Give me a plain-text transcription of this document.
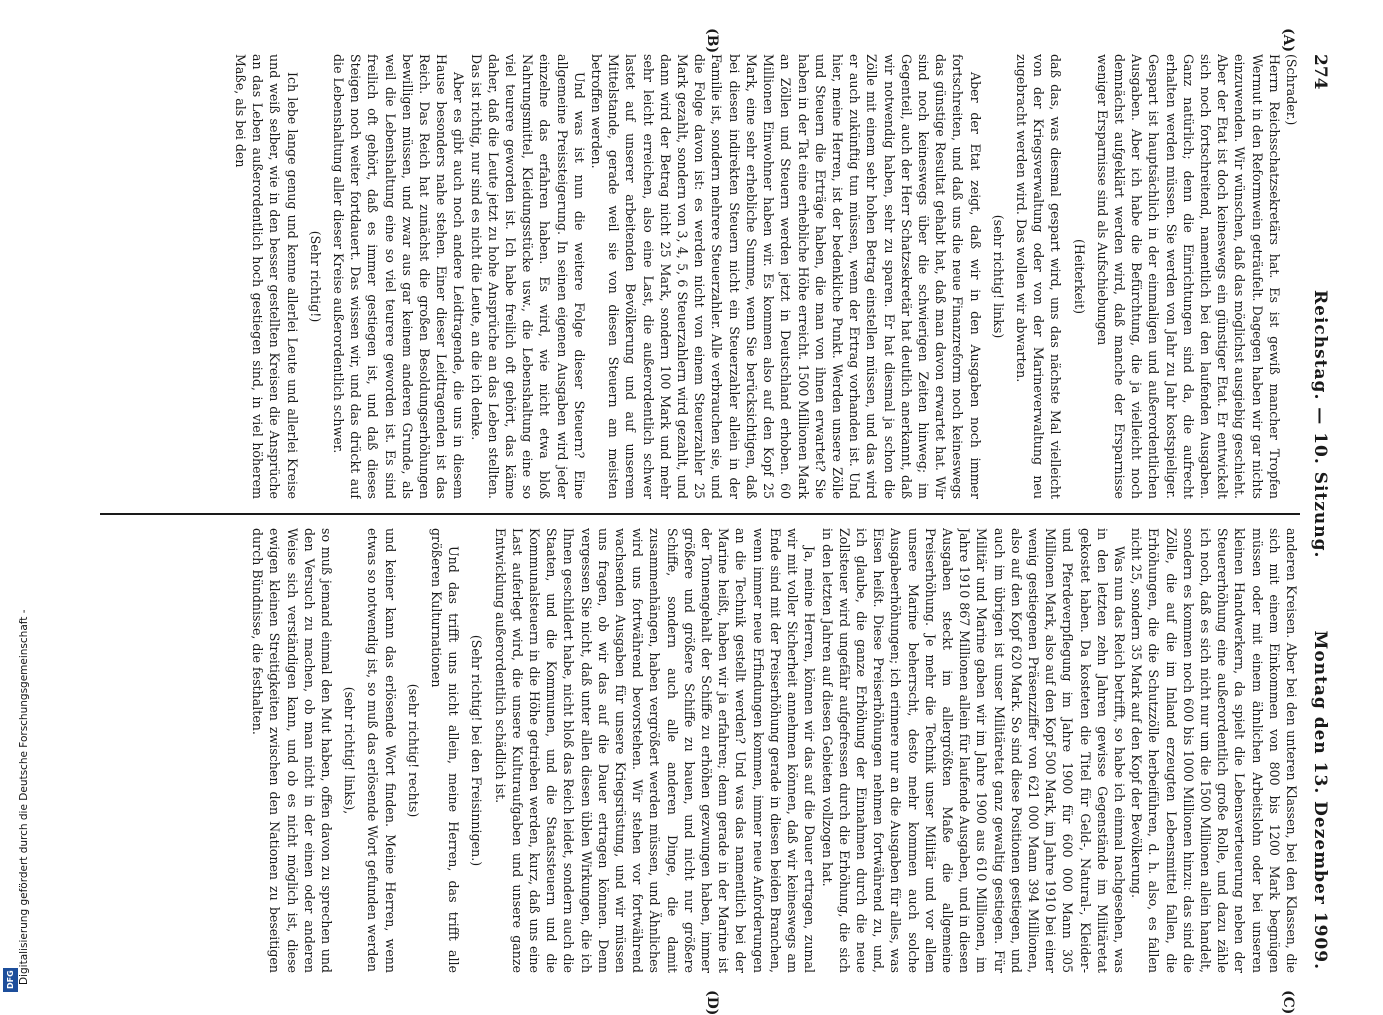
Digitalisierung gefördert durch die Deutsche Forschungsgemeinschaft -
DFG
274
Reichstag. — 10. Sitzung.
Montag den 13. Dezember 1909.
(A)
(B)
(C)
(D)

(Schrader.)

Herrn Reichsschatzsekretärs hat. Es ist gewiß mancher Tropfen Wermut in den Reformwein geträufelt. Dagegen haben wir gar nichts einzuwenden. Wir wünschen, daß das möglichst ausgiebig geschieht. Aber der Etat ist doch keineswegs ein günstiger Etat. Er entwickelt sich noch fortschreitend, namentlich bei den laufenden Ausgaben. Ganz natürlich; denn die Einrichtungen sind da, die aufrecht erhalten werden müssen. Sie werden von Jahr zu Jahr kostspieliger. Gespart ist hauptsächlich in der einmaligen und außerordentlichen Ausgaben. Aber ich habe die Befürchtung, die ja vielleicht noch demnächst aufgeklärt werden wird, daß manche der Ersparnisse weniger Ersparnisse sind als Aufschiebungen

(Heiterkeit)

daß das, was diesmal gespart wird, uns das nächste Mal vielleicht von der Kriegsverwaltung oder von der Marineverwaltung neu zugebracht werden wird. Das wollen wir abwarten.

(sehr richtig! links)

Aber der Etat zeigt, daß wir in den Ausgaben noch immer fortschreiten, und daß uns die neue Finanzreform noch keineswegs das günstige Resultat gehabt hat, daß man davon erwartet hat. Wir sind noch keineswegs über die schwierigen Zeiten hinweg; im Gegenteil, auch der Herr Schatzsekretär hat deutlich anerkannt, daß wir notwendig haben, sehr zu sparen. Er hat diesmal ja schon die Zölle mit einem sehr hohen Betrag einstellen müssen, und das wird er auch zukünftig tun müssen, wenn der Ertrag vorhanden ist. Und hier, meine Herren, ist der bedenkliche Punkt. Werden unsere Zölle und Steuern die Erträge haben, die man von ihnen erwartet? Sie haben in der Tat eine erhebliche Höhe erreicht. 1500 Millionen Mark an Zöllen und Steuern werden jetzt in Deutschland erhoben. 60 Millionen Einwohner haben wir. Es kommen also auf den Kopf 25 Mark, eine sehr erhebliche Summe, wenn Sie berücksichtigen, daß bei diesen indirekten Steuern nicht ein Steuerzahler allein in der Familie ist, sondern mehrere Steuerzahler. Alle verbrauchen sie, und die Folge davon ist: es werden nicht von einem Steuerzahler 25 Mark gezahlt, sondern von 3, 4, 5, 6 Steuerzahlern wird gezahlt, und dann wird der Betrag nicht 25 Mark, sondern 100 Mark und mehr sehr leicht erreichen, also eine Last, die außerordentlich schwer lastet auf unserer arbeitenden Bevölkerung und auf unserem Mittelstande, gerade weil sie von diesen Steuern am meisten betroffen werden.

Und was ist nun die weitere Folge dieser Steuern? Eine allgemeine Preissteigerung. In seinen eigenen Ausgaben wird jeder einzelne das erfahren haben. Es wird, wie nicht etwa bloß Nahrungsmittel, Kleidungsstücke usw., die Lebenshaltung eine so viel teurere geworden ist. Ich habe freilich oft gehört, das käme daher, daß die Leute jetzt zu hohe Ansprüche an das Leben stellten. Das ist richtig, nur sind es nicht die Leute, an die ich denke.

Aber es gibt auch noch andere Leidtragende, die uns in diesem Hause besonders nahe stehen. Einer dieser Leidtragenden ist das Reich. Das Reich hat zunächst die großen Besoldungserhöhungen bewilligen müssen, und zwar aus gar keinem anderen Grunde, als weil die Lebenshaltung eine so viel teurere geworden ist. Es sind freilich oft gehört, daß es immer gestiegen ist, und daß dieses Steigen noch weiter fortdauert. Das wissen wir, und das drückt auf die Lebenshaltung aller dieser Kreise außerordentlich schwer.

(Sehr richtig!)

Ich lebe lange genug und kenne allerlei Leute und allerlei Kreise und weiß selber, wie in den besser gestellten Kreisen die Ansprüche an das Leben außerordentlich hoch gestiegen sind, in viel höherem Maße, als bei den

anderen Kreisen. Aber bei den unteren Klassen, bei den Klassen, die sich mit einem Einkommen von 800 bis 1200 Mark begnügen müssen oder mit einem ähnlichen Arbeitslohn oder bei unseren kleinen Handwerkern, da spielt die Lebensverteuerung neben der Steuererhöhung eine außerordentlich große Rolle, und dazu zähle ich noch, daß es sich nicht nur um die 1500 Millionen allein handelt, sondern es kommen noch 600 bis 1000 Millionen hinzu: das sind die Zölle, die auf die im Inland erzeugten Lebensmittel fallen, die Erhöhungen, die die Schutzzölle herbeiführen, d. h. also, es fallen nicht 25, sondern 35 Mark auf den Kopf der Bevölkerung.

Was nun das Reich betrifft, so habe ich einmal nachgesehen, was in den letzten zehn Jahren gewisse Gegenstände im Militäretat gekostet haben. Da kosteten die Titel für Geld-, Natural-, Kleider- und Pferdeverpflegung im Jahre 1900 für 600 000 Mann 305 Millionen Mark, also auf den Kopf 500 Mark, im Jahre 1910 bei einer wenig gestiegenen Präsenzziffer von 621 000 Mann 394 Millionen, also auf den Kopf 620 Mark. So sind diese Positionen gestiegen, und auch im übrigen ist unser Militäretat ganz gewaltig gestiegen. Für Militär und Marine gaben wir im Jahre 1900 aus 610 Millionen, im Jahre 1910 867 Millionen allein für laufende Ausgaben, und in diesen Ausgaben steckt im allergrößten Maße die allgemeine Preiserhöhung. Je mehr die Technik unser Militär und vor allem unsere Marine beherrscht, desto mehr kommen auch solche Ausgabeerhöhungen; ich erinnere nur an die Ausgaben für alles, was Eisen heißt. Diese Preiserhöhungen nehmen fortwährend zu, und, ich glaube, die ganze Erhöhung der Einnahmen durch die neue Zollsteuer wird ungefähr aufgefressen durch die Erhöhung, die sich in den letzten Jahren auf diesen Gebieten vollzogen hat.

Ja, meine Herren, können wir das auf die Dauer ertragen, zumal wir mit voller Sicherheit annehmen können, daß wir keineswegs am Ende sind mit der Preiserhöhung gerade in diesen beiden Branchen, wenn immer neue Erfindungen kommen, immer neue Anforderungen an die Technik gestellt werden? Und was das namentlich bei der Marine heißt, haben wir ja erfahren; denn gerade in der Marine ist der Tonnengehalt der Schiffe zu erhöhen gezwungen haben, immer größere und größere Schiffe zu bauen, und nicht nur größere Schiffe, sondern auch alle anderen Dinge, die damit zusammenhängen, haben vergrößert werden müssen, und Ähnliches wird uns fortwährend bevorstehen. Wir stehen vor fortwährend wachsenden Ausgaben für unsere Kriegsrüstung, und wir müssen uns fragen, ob wir das auf die Dauer ertragen können. Denn vergessen Sie nicht, daß unter allen diesen üblen Wirkungen, die ich Ihnen geschildert habe, nicht bloß das Reich leidet, sondern auch die Staaten, und die Kommunen, und die Staatssteuern und die Kommunalsteuern in die Höhe getrieben werden, kurz, daß uns eine Last auferlegt wird, die unsere Kulturaufgaben und unsere ganze Entwicklung außerordentlich schädlich ist.

(Sehr richtig! bei den Freisinnigen.)

Und das trifft uns nicht allein, meine Herren, das trifft alle größeren Kulturnationen

(sehr richtig! rechts)

und keiner kann das erlösende Wort finden. Meine Herren, wenn etwas so notwendig ist, so muß das erlösende Wort gefunden werden

(sehr richtig! links),

so muß jemand einmal den Mut haben, offen davon zu sprechen und den Versuch zu machen, ob man nicht in der einen oder anderen Weise sich verständigen kann, und ob es nicht möglich ist, diese ewigen kleinen Streitigkeiten zwischen den Nationen zu beseitigen durch Bündnisse, die festhalten.
